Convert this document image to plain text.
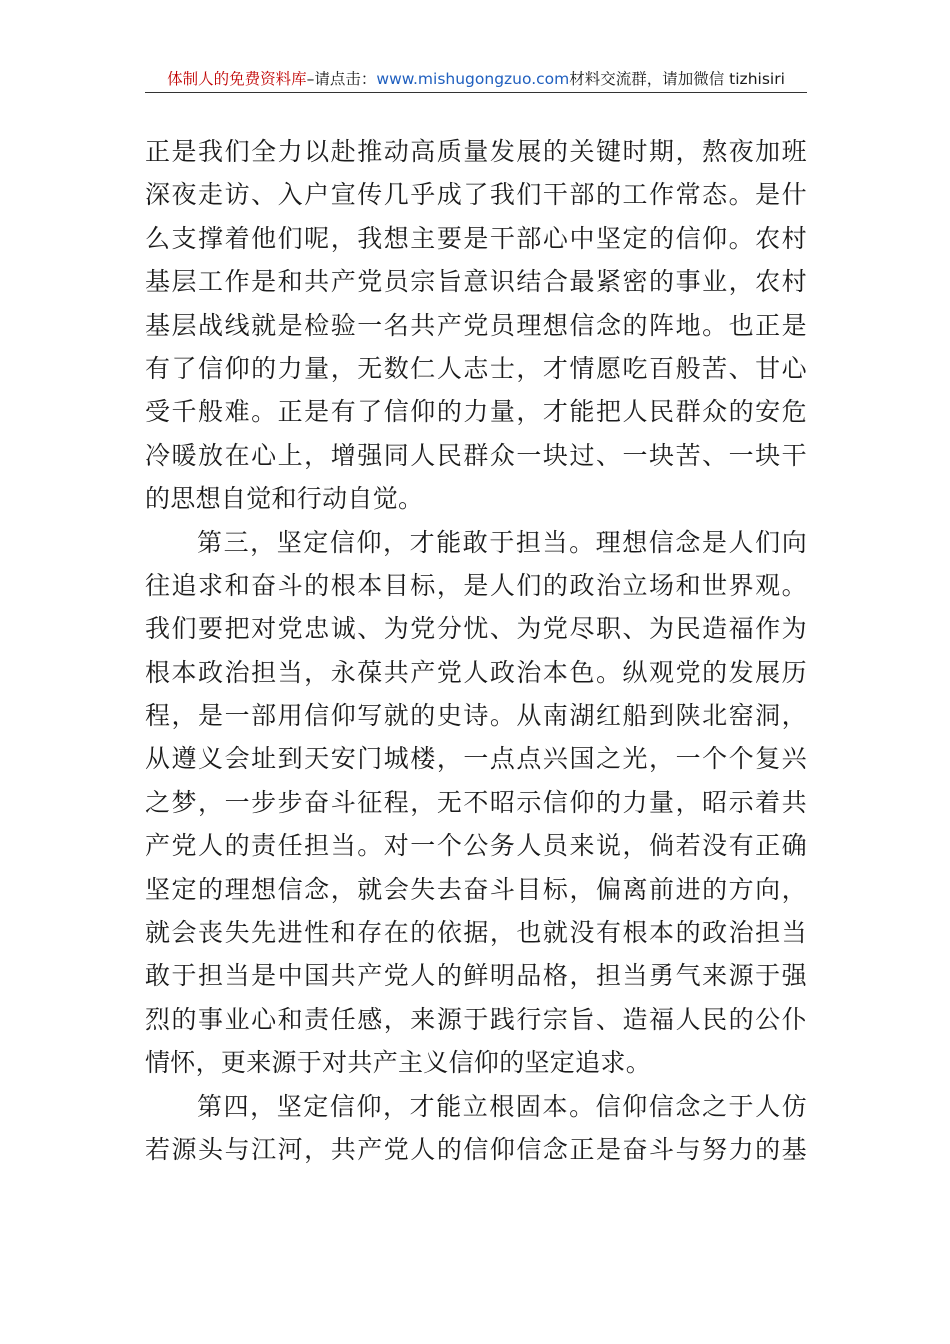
体制人的免费资料库–请点击：www.mishugongzuo.com材料交流群，请加微信 tizhisiri
正是我们全力以赴推动高质量发展的关键时期，熬夜加班
深夜走访、入户宣传几乎成了我们干部的工作常态。是什
么支撑着他们呢，我想主要是干部心中坚定的信仰。农村
基层工作是和共产党员宗旨意识结合最紧密的事业，农村
基层战线就是检验一名共产党员理想信念的阵地。也正是
有了信仰的力量，无数仁人志士，才情愿吃百般苦、甘心
受千般难。正是有了信仰的力量，才能把人民群众的安危
冷暖放在心上，增强同人民群众一块过、一块苦、一块干
的思想自觉和行动自觉。
第三，坚定信仰，才能敢于担当。理想信念是人们向
往追求和奋斗的根本目标，是人们的政治立场和世界观。
我们要把对党忠诚、为党分忧、为党尽职、为民造福作为
根本政治担当，永葆共产党人政治本色。纵观党的发展历
程，是一部用信仰写就的史诗。从南湖红船到陕北窑洞，
从遵义会址到天安门城楼，一点点兴国之光，一个个复兴
之梦，一步步奋斗征程，无不昭示信仰的力量，昭示着共
产党人的责任担当。对一个公务人员来说，倘若没有正确
坚定的理想信念，就会失去奋斗目标，偏离前进的方向，
就会丧失先进性和存在的依据，也就没有根本的政治担当
敢于担当是中国共产党人的鲜明品格，担当勇气来源于强
烈的事业心和责任感，来源于践行宗旨、造福人民的公仆
情怀，更来源于对共产主义信仰的坚定追求。
第四，坚定信仰，才能立根固本。信仰信念之于人仿
若源头与江河，共产党人的信仰信念正是奋斗与努力的基
